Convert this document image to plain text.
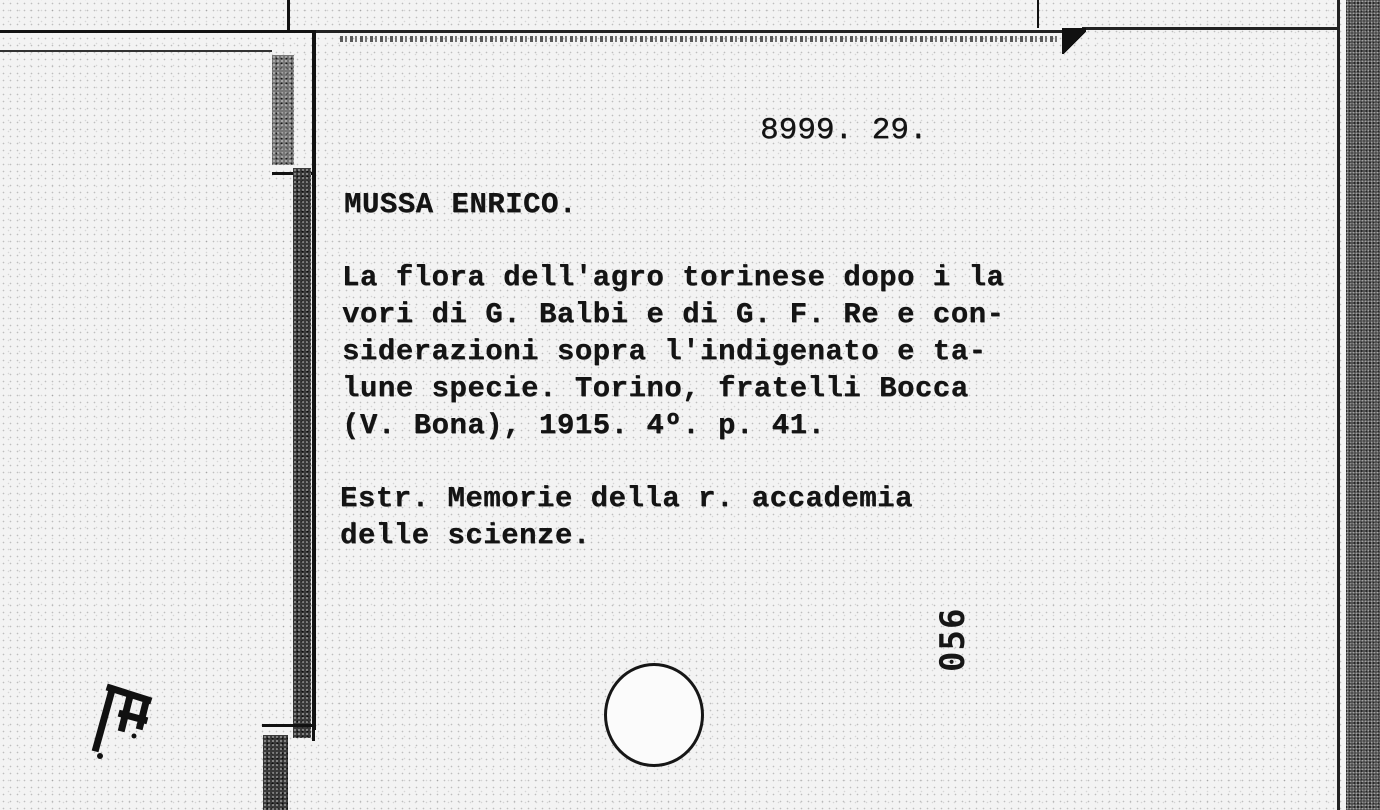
8999. 29.
MUSSA ENRICO.
La flora dell'agro torinese dopo i la
vori di G. Balbi e di G. F. Re e con-
siderazioni sopra l'indigenato e ta-
lune specie. Torino, fratelli Bocca
(V. Bona), 1915. 4º. p. 41.
Estr. Memorie della r. accademia
delle scienze.
056
